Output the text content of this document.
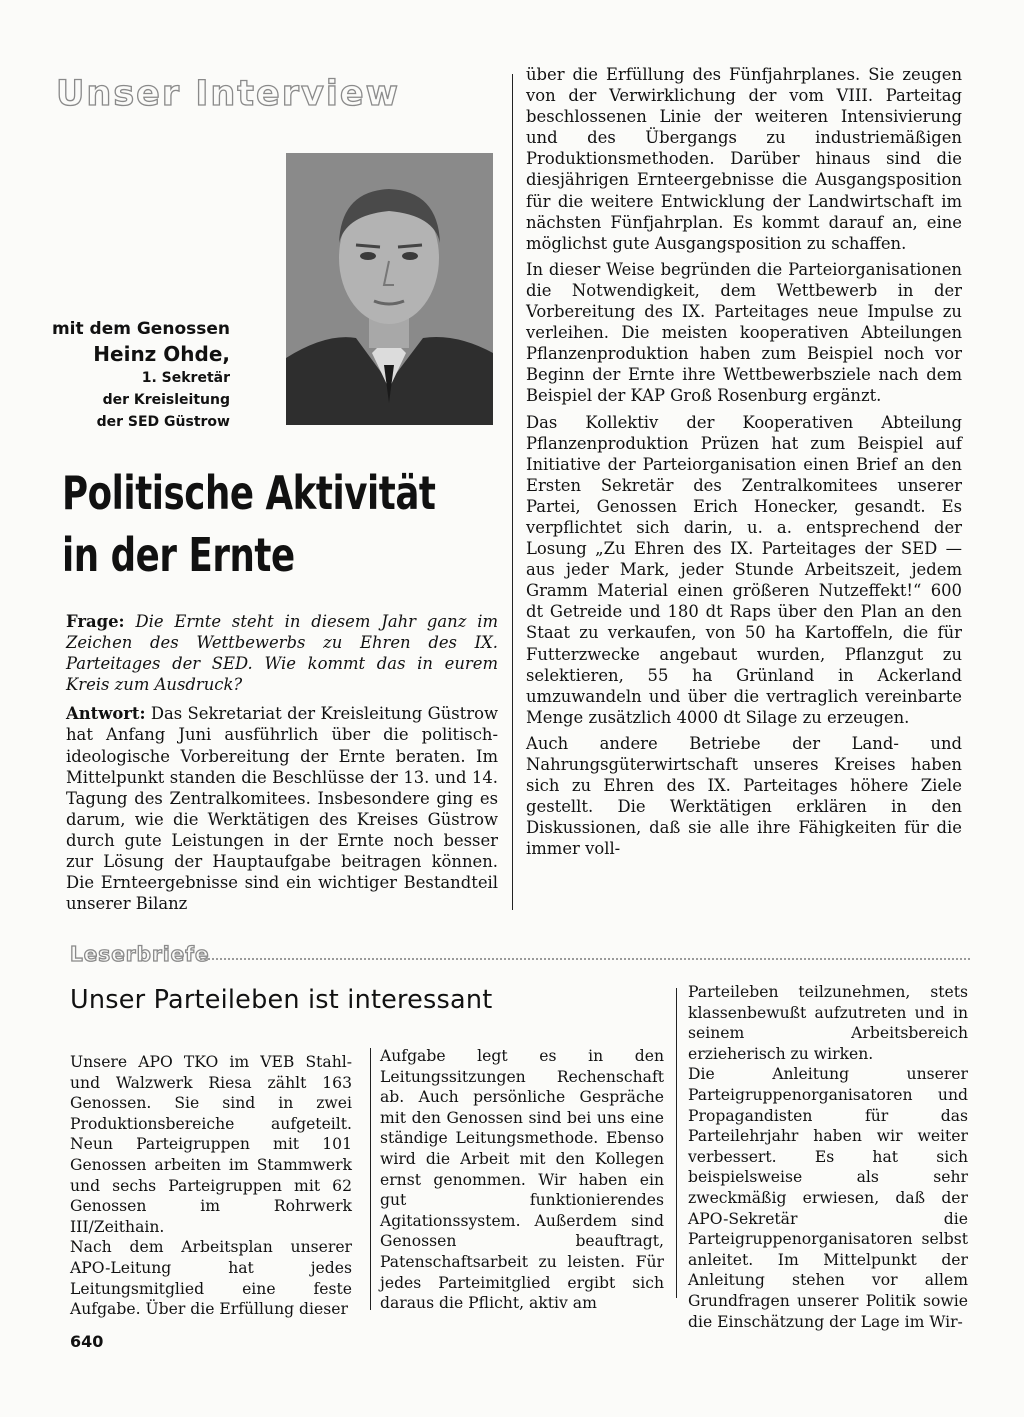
Unser Interview
mit dem Genossen
Heinz Ohde,
1. Sekretär
der Kreisleitung
der SED Güstrow
Politische Aktivität
in der Ernte

Frage: Die Ernte steht in diesem Jahr ganz im Zeichen des Wettbewerbs zu Ehren des IX. Parteitages der SED. Wie kommt das in eurem Kreis zum Ausdruck?

Antwort: Das Sekretariat der Kreisleitung Güstrow hat Anfang Juni ausführlich über die politisch-ideologische Vorbereitung der Ernte beraten. Im Mittelpunkt standen die Beschlüsse der 13. und 14. Tagung des Zentralkomitees. Insbesondere ging es darum, wie die Werktätigen des Kreises Güstrow durch gute Leistungen in der Ernte noch besser zur Lösung der Hauptaufgabe beitragen können. Die Ernteergebnisse sind ein wichtiger Bestandteil unserer Bilanz

über die Erfüllung des Fünfjahrplanes. Sie zeugen von der Verwirklichung der vom VIII. Parteitag beschlossenen Linie der weiteren Intensivierung und des Übergangs zu industriemäßigen Produktionsmethoden. Darüber hinaus sind die diesjährigen Ernteergebnisse die Ausgangsposition für die weitere Entwicklung der Landwirtschaft im nächsten Fünfjahrplan. Es kommt darauf an, eine möglichst gute Ausgangsposition zu schaffen.

In dieser Weise begründen die Parteiorganisationen die Notwendigkeit, dem Wettbewerb in der Vorbereitung des IX. Parteitages neue Impulse zu verleihen. Die meisten kooperativen Abteilungen Pflanzenproduktion haben zum Beispiel noch vor Beginn der Ernte ihre Wettbewerbsziele nach dem Beispiel der KAP Groß Rosenburg ergänzt.

Das Kollektiv der Kooperativen Abteilung Pflanzenproduktion Prüzen hat zum Beispiel auf Initiative der Parteiorganisation einen Brief an den Ersten Sekretär des Zentralkomitees unserer Partei, Genossen Erich Honecker, gesandt. Es verpflichtet sich darin, u. a. entsprechend der Losung „Zu Ehren des IX. Parteitages der SED — aus jeder Mark, jeder Stunde Arbeitszeit, jedem Gramm Material einen größeren Nutzeffekt!“ 600 dt Getreide und 180 dt Raps über den Plan an den Staat zu verkaufen, von 50 ha Kartoffeln, die für Futterzwecke angebaut wurden, Pflanzgut zu selektieren, 55 ha Grünland in Ackerland umzuwandeln und über die vertraglich vereinbarte Menge zusätzlich 4000 dt Silage zu erzeugen.

Auch andere Betriebe der Land- und Nahrungsgüterwirtschaft unseres Kreises haben sich zu Ehren des IX. Parteitages höhere Ziele gestellt. Die Werktätigen erklären in den Diskussionen, daß sie alle ihre Fähigkeiten für die immer voll-

Leserbriefe
Unser Parteileben ist interessant

Unsere APO TKO im VEB Stahl- und Walzwerk Riesa zählt 163 Genossen. Sie sind in zwei Produktionsbereiche aufgeteilt. Neun Parteigruppen mit 101 Genossen arbeiten im Stammwerk und sechs Parteigruppen mit 62 Genossen im Rohrwerk III/Zeithain.

Nach dem Arbeitsplan unserer APO-Leitung hat jedes Leitungsmitglied eine feste Aufgabe. Über die Erfüllung dieser

Aufgabe legt es in den Leitungssitzungen Rechenschaft ab. Auch persönliche Gespräche mit den Genossen sind bei uns eine ständige Leitungsmethode. Ebenso wird die Arbeit mit den Kollegen ernst genommen. Wir haben ein gut funktionierendes Agitationssystem. Außerdem sind Genossen beauftragt, Patenschaftsarbeit zu leisten. Für jedes Parteimitglied ergibt sich daraus die Pflicht, aktiv am

Parteileben teilzunehmen, stets klassenbewußt aufzutreten und in seinem Arbeitsbereich erzieherisch zu wirken.

Die Anleitung unserer Parteigruppenorganisatoren und Propagandisten für das Parteilehrjahr haben wir weiter verbessert. Es hat sich beispielsweise als sehr zweckmäßig erwiesen, daß der APO-Sekretär die Parteigruppenorganisatoren selbst anleitet. Im Mittelpunkt der Anleitung stehen vor allem Grundfragen unserer Politik sowie die Einschätzung der Lage im Wir-

640
